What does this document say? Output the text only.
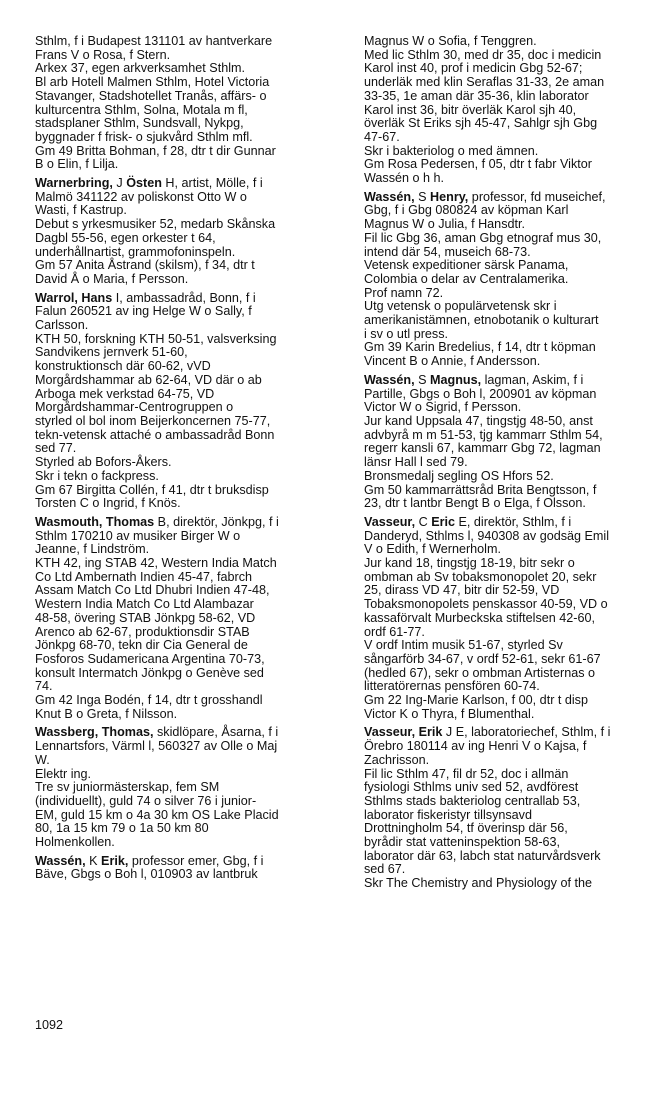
Sthlm, f i Budapest 131101 av hantverkare
Frans V o Rosa, f Stern.
Arkex 37, egen arkverksamhet Sthlm.
Bl arb Hotell Malmen Sthlm, Hotel Victoria
Stavanger, Stadshotellet Tranås, affärs- o
kulturcentra Sthlm, Solna, Motala m fl,
stadsplaner Sthlm, Sundsvall, Nykpg,
byggnader f frisk- o sjukvård Sthlm mfl.
Gm 49 Britta Bohman, f 28, dtr t dir Gunnar
B o Elin, f Lilja.
Warnerbring, J Östen H, artist, Mölle, f i
Malmö 341122 av poliskonst Otto W o
Wasti, f Kastrup.
Debut s yrkesmusiker 52, medarb Skånska
Dagbl 55-56, egen orkester t 64,
underhållnartist, grammofoninspeln.
Gm 57 Anita Åstrand (skilsm), f 34, dtr t
David Å o Maria, f Persson.
Warrol, Hans I, ambassadråd, Bonn, f i
Falun 260521 av ing Helge W o Sally, f
Carlsson.
KTH 50, forskning KTH 50-51, valsverksing
Sandvikens jernverk 51-60,
konstruktionsch där 60-62, vVD
Morgårdshammar ab 62-64, VD där o ab
Arboga mek verkstad 64-75, VD
Morgårdshammar-Centrogruppen o
styrled ol bol inom Beijerkoncernen 75-77,
tekn-vetensk attaché o ambassadråd Bonn
sed 77.
Styrled ab Bofors-Åkers.
Skr i tekn o fackpress.
Gm 67 Birgitta Collén, f 41, dtr t bruksdisp
Torsten C o Ingrid, f Knös.
Wasmouth, Thomas B, direktör, Jönkpg, f i
Sthlm 170210 av musiker Birger W o
Jeanne, f Lindström.
KTH 42, ing STAB 42, Western India Match
Co Ltd Ambernath Indien 45-47, fabrch
Assam Match Co Ltd Dhubri Indien 47-48,
Western India Match Co Ltd Alambazar
48-58, övering STAB Jönkpg 58-62, VD
Arenco ab 62-67, produktionsdir STAB
Jönkpg 68-70, tekn dir Cia General de
Fosforos Sudamericana Argentina 70-73,
konsult Intermatch Jönkpg o Genève sed
74.
Gm 42 Inga Bodén, f 14, dtr t grosshandl
Knut B o Greta, f Nilsson.
Wassberg, Thomas, skidlöpare, Åsarna, f i
Lennartsfors, Värml l, 560327 av Olle o Maj
W.
Elektr ing.
Tre sv juniormästerskap, fem SM
(individuellt), guld 74 o silver 76 i junior-
EM, guld 15 km o 4a 30 km OS Lake Placid
80, 1a 15 km 79 o 1a 50 km 80
Holmenkollen.
Wassén, K Erik, professor emer, Gbg, f i
Bäve, Gbgs o Boh l, 010903 av lantbruk
Magnus W o Sofia, f Tenggren.
Med lic Sthlm 30, med dr 35, doc i medicin
Karol inst 40, prof i medicin Gbg 52-67;
underläk med klin Seraflas 31-33, 2e aman
33-35, 1e aman där 35-36, klin laborator
Karol inst 36, bitr överläk Karol sjh 40,
överläk St Eriks sjh 45-47, Sahlgr sjh Gbg
47-67.
Skr i bakteriolog o med ämnen.
Gm Rosa Pedersen, f 05, dtr t fabr Viktor
Wassén o h h.
Wassén, S Henry, professor, fd museichef,
Gbg, f i Gbg 080824 av köpman Karl
Magnus W o Julia, f Hansdtr.
Fil lic Gbg 36, aman Gbg etnograf mus 30,
intend där 54, museich 68-73.
Vetensk expeditioner särsk Panama,
Colombia o delar av Centralamerika.
Prof namn 72.
Utg vetensk o populärvetensk skr i
amerikanistämnen, etnobotanik o kulturart
i sv o utl press.
Gm 39 Karin Bredelius, f 14, dtr t köpman
Vincent B o Annie, f Andersson.
Wassén, S Magnus, lagman, Askim, f i
Partille, Gbgs o Boh l, 200901 av köpman
Victor W o Sigrid, f Persson.
Jur kand Uppsala 47, tingstjg 48-50, anst
advbyrå m m 51-53, tjg kammarr Sthlm 54,
regerr kansli 67, kammarr Gbg 72, lagman
länsr Hall l sed 79.
Bronsmedalj segling OS Hfors 52.
Gm 50 kammarrättsråd Brita Bengtsson, f
23, dtr t lantbr Bengt B o Elga, f Olsson.
Vasseur, C Eric E, direktör, Sthlm, f i
Danderyd, Sthlms l, 940308 av godsäg Emil
V o Edith, f Wernerholm.
Jur kand 18, tingstjg 18-19, bitr sekr o
ombman ab Sv tobaksmonopolet 20, sekr
25, dirass VD 47, bitr dir 52-59, VD
Tobaksmonopolets penskassor 40-59, VD o
kassaförvalt Murbeckska stiftelsen 42-60,
ordf 61-77.
V ordf Intim musik 51-67, styrled Sv
sångarförb 34-67, v ordf 52-61, sekr 61-67
(hedled 67), sekr o ombman Artisternas o
litteratörernas pensfören 60-74.
Gm 22 Ing-Marie Karlson, f 00, dtr t disp
Victor K o Thyra, f Blumenthal.
Vasseur, Erik J E, laboratoriechef, Sthlm, f i
Örebro 180114 av ing Henri V o Kajsa, f
Zachrisson.
Fil lic Sthlm 47, fil dr 52, doc i allmän
fysiologi Sthlms univ sed 52, avdförest
Sthlms stads bakteriolog centrallab 53,
laborator fiskeristyr tillsynsavd
Drottningholm 54, tf överinsp där 56,
byrådir stat vatteninspektion 58-63,
laborator där 63, labch stat naturvårdsverk
sed 67.
Skr The Chemistry and Physiology of the
1092
